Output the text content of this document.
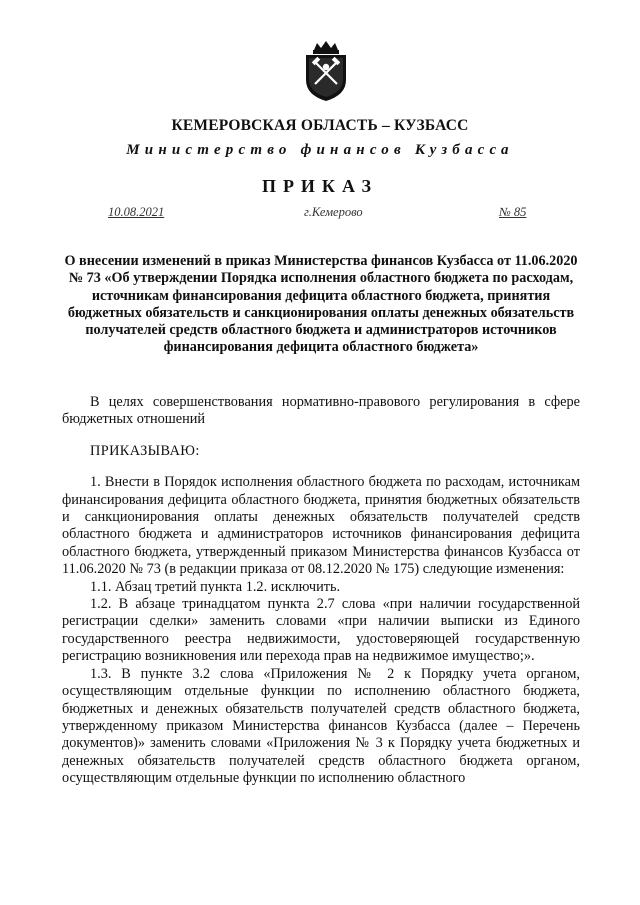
КЕМЕРОВСКАЯ ОБЛАСТЬ – КУЗБАСС
Министерство финансов Кузбасса
ПРИКАЗ
10.08.2021	г.Кемерово	№ 85
О внесении изменений в приказ Министерства финансов Кузбасса от 11.06.2020 № 73 «Об утверждении Порядка исполнения областного бюджета по расходам, источникам финансирования дефицита областного бюджета, принятия бюджетных обязательств и санкционирования оплаты денежных обязательств получателей средств областного бюджета и администраторов источников финансирования дефицита областного бюджета»

В целях совершенствования нормативно-правового регулирования в сфере бюджетных отношений

ПРИКАЗЫВАЮ:

1. Внести в Порядок исполнения областного бюджета по расходам, источникам финансирования дефицита областного бюджета, принятия бюджетных обязательств и санкционирования оплаты денежных обязательств получателей средств областного бюджета и администраторов источников финансирования дефицита областного бюджета, утвержденный приказом Министерства финансов Кузбасса от 11.06.2020 № 73 (в редакции приказа от 08.12.2020 № 175) следующие изменения:

1.1. Абзац третий пункта 1.2. исключить.

1.2. В абзаце тринадцатом пункта 2.7 слова «при наличии государственной регистрации сделки» заменить словами «при наличии выписки из Единого государственного реестра недвижимости, удостоверяющей государственную регистрацию возникновения или перехода прав на недвижимое имущество;».

1.3. В пункте 3.2 слова «Приложения № 2 к Порядку учета органом, осуществляющим отдельные функции по исполнению областного бюджета, бюджетных и денежных обязательств получателей средств областного бюджета, утвержденному приказом Министерства финансов Кузбасса (далее – Перечень документов)» заменить словами «Приложения № 3 к Порядку учета бюджетных и денежных обязательств получателей средств областного бюджета органом, осуществляющим отдельные функции по исполнению областного
